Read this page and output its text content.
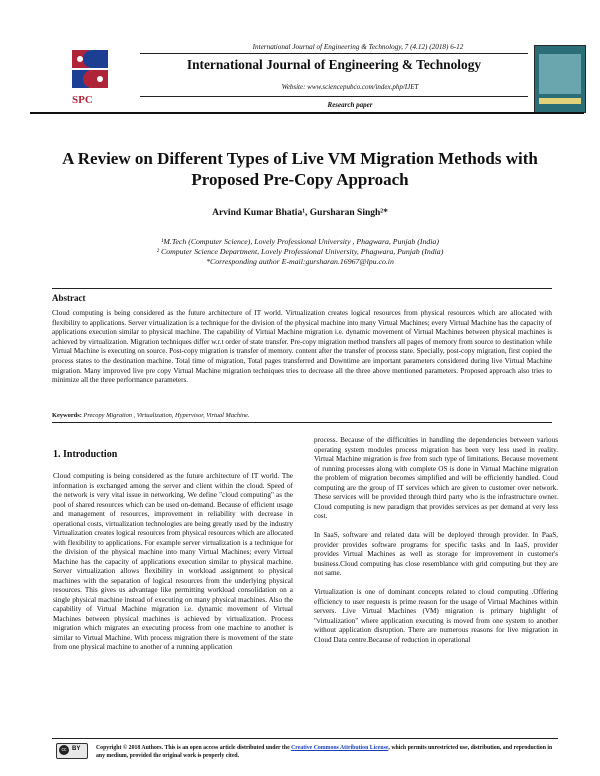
SPC
International Journal of Engineering & Technology, 7 (4.12) (2018) 6-12
International Journal of Engineering & Technology
Website: www.sciencepubco.com/index.php/IJET
Research paper
A Review on Different Types of Live VM Migration Methods with
Proposed Pre-Copy Approach
Arvind Kumar Bhatia¹, Gursharan Singh²*
¹M.Tech (Computer Science), Lovely Professional University , Phagwara, Punjab (India)
² Computer Science Department, Lovely Professional University, Phagwara, Punjab (India)
*Corresponding author E-mail:gursharan.16967@lpu.co.in
Abstract
Cloud computing is being considered as the future architecture of IT world. Virtualization creates logical resources from physical resources which are allocated with flexibility to applications. Server virtualization is a technique for the division of the physical machine into many Virtual Machines; every Virtual Machine has the capacity of applications execution similar to physical machine. The capability of Virtual Machine migration i.e. dynamic movement of Virtual Machines between physical machines is achieved by virtualization. Migration techniques differ w.r.t order of state transfer. Pre-copy migration method transfers all pages of memory from source to destination while Virtual Machine is executing on source. Post-copy migration is transfer of memory. content after the transfer of process state. Specially, post-copy migration, first copied the process states to the destination machine. Total time of migration, Total pages transferred and Downtime are important parameters considered during live Virtual Machine migration. Many improved live pre copy Virtual Machine migration techniques tries to decrease all the three above mentioned parameters. Proposed approach also tries to minimize all the three performance parameters.
Keywords: Precopy Migration , Virtualization, Hypervisor, Virtual Machine.
1. Introduction
Cloud computing is being considered as the future architecture of IT world. The information is exchanged among the server and client within the cloud. Speed of the network is very vital issue in networking. We define "cloud computing" as the pool of shared resources which can be used on-demand. Because of efficient usage and management of resources, improvement in reliability with decrease in operational costs, virtualization technologies are being greatly used by the industry Virtualization creates logical resources from physical resources which are allocated with flexibility to applications. For example server virtualization is a technique for the division of the physical machine into many Virtual Machines; every Virtual Machine has the capacity of applications execution similar to physical machine. Server virtualization allows flexibility in workload assignment to physical machines with the separation of logical resources from the underlying physical resources. This gives us advantage like permitting workload consolidation on a single physical machine instead of executing on many physical machines. Also the capability of Virtual Machine migration i.e. dynamic movement of Virtual Machines between physical machines is achieved by virtualization. Process migration which migrates an executing process from one machine to another is similar to Virtual Machine. With process migration there is movement of the state from one physical machine to another of a running application

process. Because of the difficulties in handling the dependencies between various operating system modules process migration has been very less used in reality. Virtual Machine migration is free from such type of limitations. Because movement of running processes along with complete OS is done in Virtual Machine migration the problem of migration becomes simplified and will be efficiently handled. Coud computing are the group of IT services which are given to customer over network. These services will be provided through third party who is the infrastructure owner. Cloud computing is new paradigm that provides services as per demand at very less cost.

In SaaS, software and related data will be deployed through provider. In PaaS, provider provides software programs for specific tasks and In IaaS, provider provides Virtual Machines as well as storage for improvement in customer's business.Cloud computing has close resemblance with grid computing but they are not same.

Virtualization is one of dominant concepts related to cloud computing .Offering efficiency to user requests is prime reason for the usage of Virtual Machines within servers. Live Virtual Machines (VM) migration is primary highlight of "virtualization" where application executing is moved from one system to another without application disruption. There are numerous reasons for live migration in Cloud Data centre.Because of reduction in operational

cc BY	Copyright © 2018 Authors. This is an open access article distributed under the Creative Commons Attribution License, which permits unrestricted use, distribution, and reproduction in any medium, provided the original work is properly cited.
